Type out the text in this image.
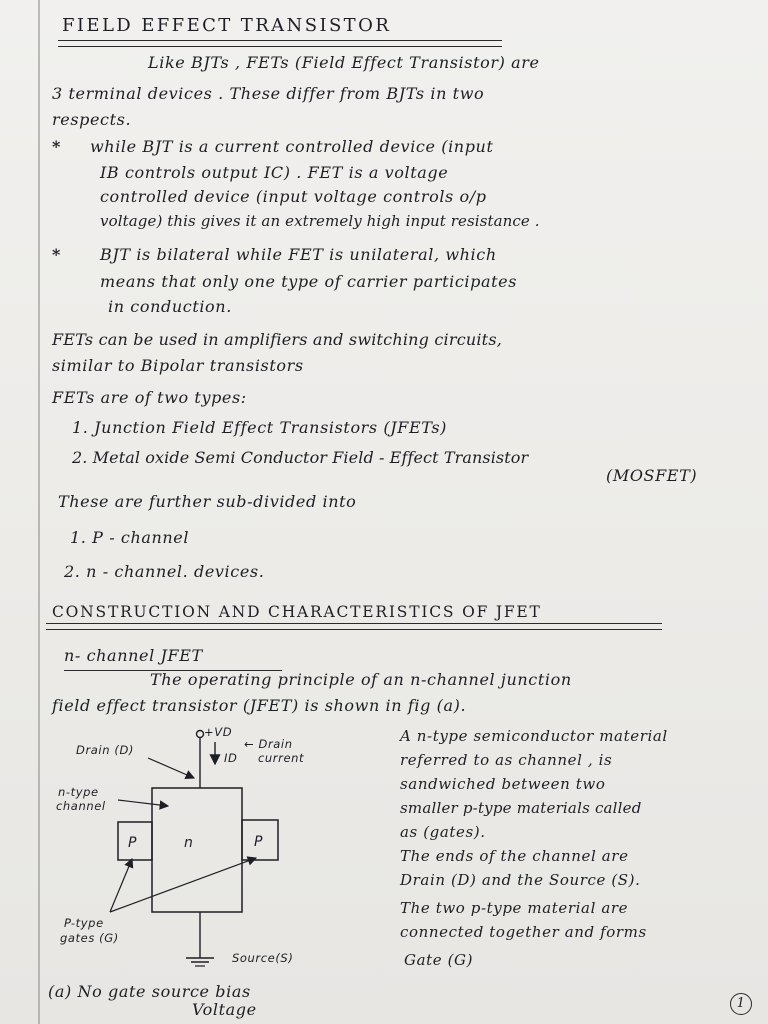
FIELD EFFECT TRANSISTOR
Like BJTs , FETs (Field Effect Transistor) are
3 terminal devices . These differ from BJTs in two
respects.
* while BJT is a current controlled device (input
IB controls output IC) . FET is a voltage
controlled device (input voltage controls o/p
voltage) this gives it an extremely high input resistance .
* BJT is bilateral while FET is unilateral, which
means that only one type of carrier participates
in conduction.
FETs can be used in amplifiers and switching circuits,
similar to Bipolar transistors
FETs are of two types:
1. Junction Field Effect Transistors (JFETs)
2. Metal oxide Semi Conductor Field - Effect Transistor
(MOSFET)
These are further sub-divided into
1. P - channel
2. n - channel. devices.
CONSTRUCTION AND CHARACTERISTICS OF JFET
n- channel JFET
The operating principle of an n-channel junction
field effect transistor (JFET) is shown in fig (a).
A n-type semiconductor material
referred to as channel , is
sandwiched between two
smaller p-type materials called
as (gates).
The ends of the channel are
Drain (D) and the Source (S).
The two p-type material are
connected together and forms
Gate (G)
+VD
Drain (D)
ID
← Drain
current
n-type
channel
P	n	P
P-type
gates (G)
Source(S)
(a) No gate source bias
Voltage	1
